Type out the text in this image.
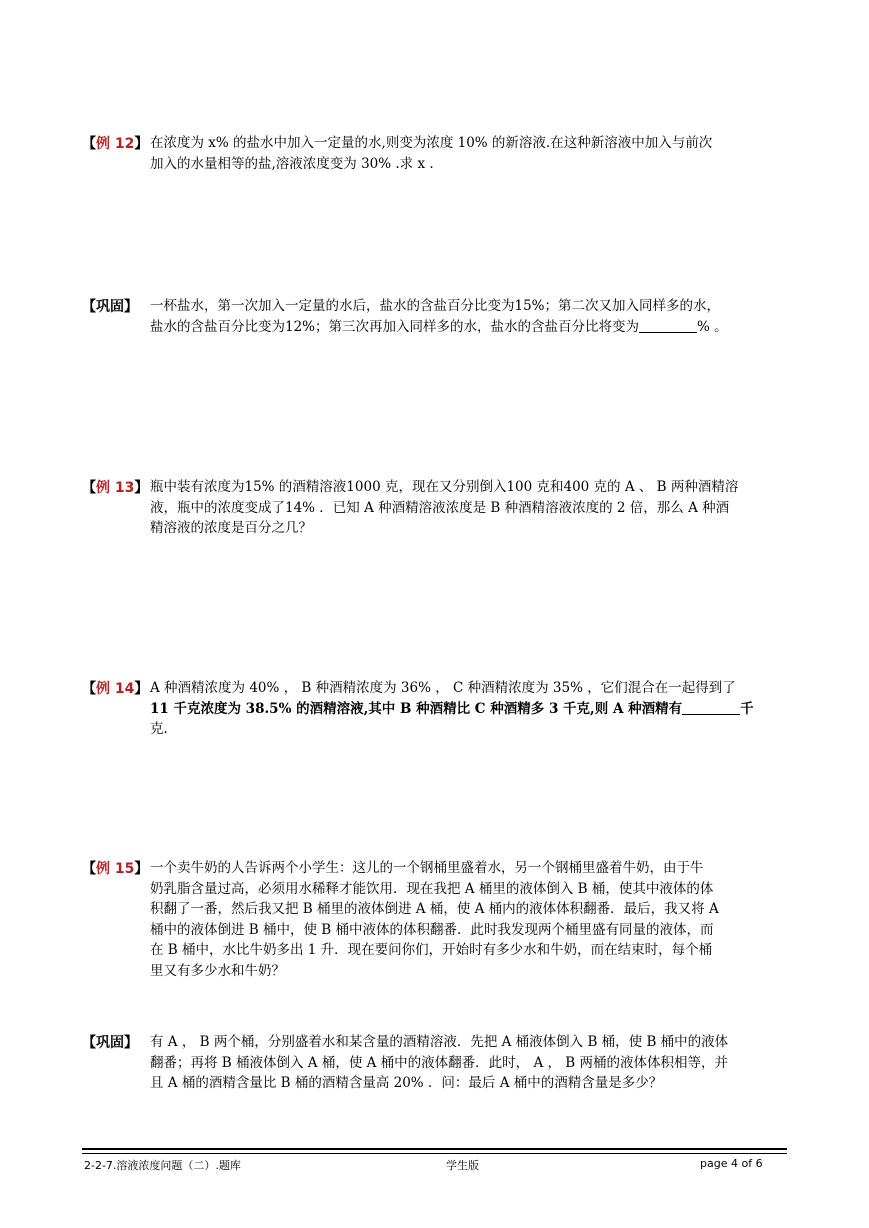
【例 12】 在浓度为 x% 的盐水中加入一定量的水,则变为浓度 10% 的新溶液.在这种新溶液中加入与前次
加入的水量相等的盐,溶液浓度变为 30% .求 x .
【巩固】 一杯盐水，第一次加入一定量的水后，盐水的含盐百分比变为15%；第二次又加入同样多的水，
盐水的含盐百分比变为12%；第三次再加入同样多的水，盐水的含盐百分比将变为	% 。
【例 13】 瓶中装有浓度为15% 的酒精溶液1000 克，现在又分别倒入100 克和400 克的 A 、 B 两种酒精溶
液，瓶中的浓度变成了14% ．已知 A 种酒精溶液浓度是 B 种酒精溶液浓度的 2 倍，那么 A 种酒
精溶液的浓度是百分之几？
【例 14】 A 种酒精浓度为 40% ， B 种酒精浓度为 36% ， C 种酒精浓度为 35% ，它们混合在一起得到了
11 千克浓度为 38.5% 的酒精溶液,其中 B 种酒精比 C 种酒精多 3 千克,则 A 种酒精有	千
克.
【例 15】 一个卖牛奶的人告诉两个小学生：这儿的一个钢桶里盛着水，另一个钢桶里盛着牛奶，由于牛
奶乳脂含量过高，必须用水稀释才能饮用．现在我把 A 桶里的液体倒入 B 桶，使其中液体的体
积翻了一番，然后我又把 B 桶里的液体倒进 A 桶，使 A 桶内的液体体积翻番．最后，我又将 A
桶中的液体倒进 B 桶中，使 B 桶中液体的体积翻番．此时我发现两个桶里盛有同量的液体，而
在 B 桶中，水比牛奶多出 1 升．现在要问你们，开始时有多少水和牛奶，而在结束时，每个桶
里又有多少水和牛奶？
【巩固】 有 A ， B 两个桶，分别盛着水和某含量的酒精溶液．先把 A 桶液体倒入 B 桶，使 B 桶中的液体
翻番；再将 B 桶液体倒入 A 桶，使 A 桶中的液体翻番．此时， A ， B 两桶的液体体积相等，并
且 A 桶的酒精含量比 B 桶的酒精含量高 20% ．问：最后 A 桶中的酒精含量是多少？
2-2-7.溶液浓度问题（二）.题库	学生版	page 4 of 6
